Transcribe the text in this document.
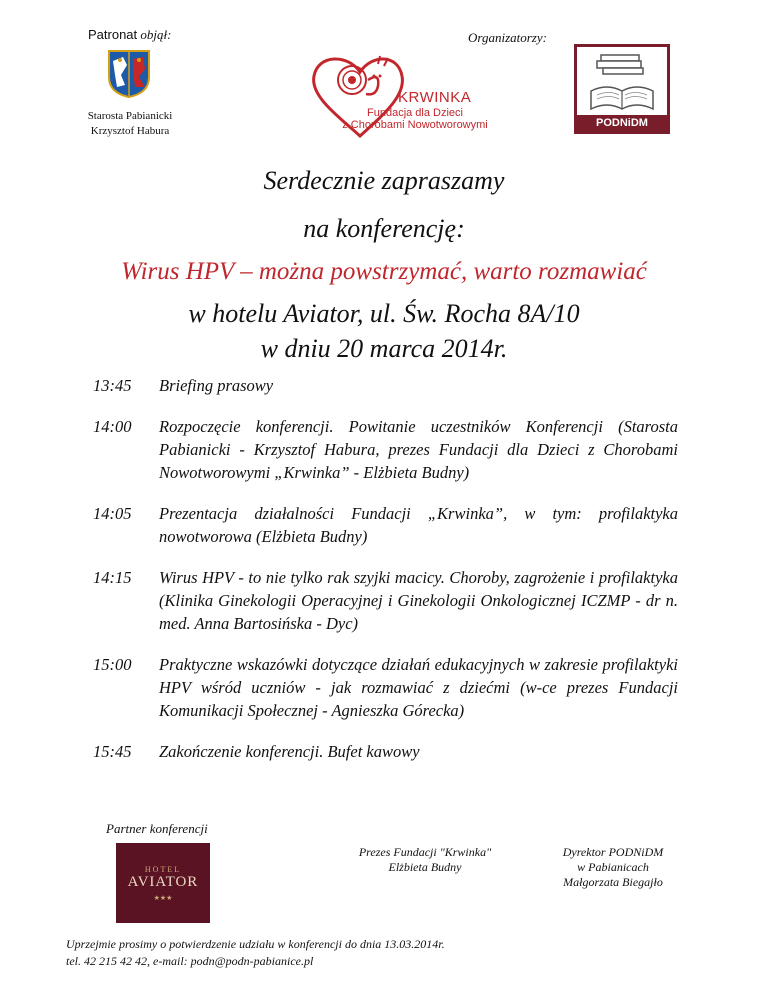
Patronat objął:
Starosta Pabianicki
Krzysztof Habura
Organizatorzy:
KRWINKA
Fundacja dla Dzieci
z Chorobami Nowotworowymi	PODNiDM
Serdecznie zapraszamy
na konferencję:
Wirus HPV – można powstrzymać, warto rozmawiać
w hotelu Aviator, ul. Św. Rocha 8A/10
w dniu 20 marca 2014r.
13:45	Briefing prasowy
14:00	Rozpoczęcie konferencji. Powitanie uczestników Konferencji (Starosta Pabianicki - Krzysztof Habura, prezes Fundacji dla Dzieci z Chorobami Nowotworowymi „Krwinka” - Elżbieta Budny)
14:05	Prezentacja działalności Fundacji „Krwinka”, w tym: profilaktyka nowotworowa (Elżbieta Budny)
14:15	Wirus HPV - to nie tylko rak szyjki macicy. Choroby, zagrożenie i profilaktyka (Klinika Ginekologii Operacyjnej i Ginekologii Onkologicznej ICZMP - dr n. med. Anna Bartosińska - Dyc)
15:00	Praktyczne wskazówki dotyczące działań edukacyjnych w zakresie profilaktyki HPV wśród uczniów - jak rozmawiać z dziećmi (w-ce prezes Fundacji Komunikacji Społecznej - Agnieszka Górecka)
15:45	Zakończenie konferencji. Bufet kawowy
Partner konferencji
HOTEL
AVIATOR
★★★
Prezes Fundacji "Krwinka"
Elżbieta Budny
Dyrektor PODNiDM
w Pabianicach
Małgorzata Biegajło
Uprzejmie prosimy o potwierdzenie udziału w konferencji do dnia 13.03.2014r.
tel. 42 215 42 42, e-mail: podn@podn-pabianice.pl
